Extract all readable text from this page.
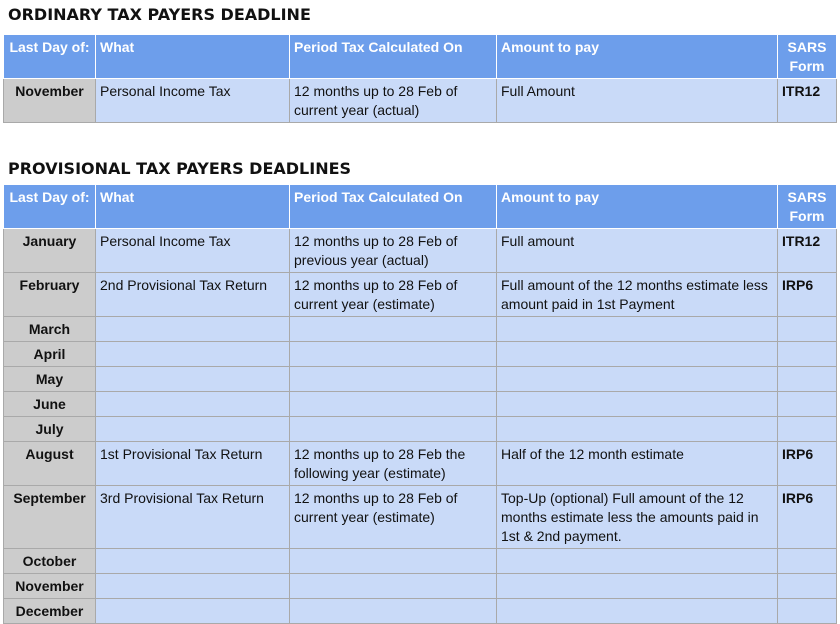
ORDINARY TAX PAYERS DEADLINE
Last Day of:	What	Period Tax Calculated On	Amount to pay	SARS Form
November	Personal Income Tax	12 months up to 28 Feb of current year (actual)	Full Amount	ITR12
PROVISIONAL TAX PAYERS DEADLINES
Last Day of:	What	Period Tax Calculated On	Amount to pay	SARS Form
January	Personal Income Tax	12 months up to 28 Feb of previous year (actual)	Full amount	ITR12
February	2nd Provisional Tax Return	12 months up to 28 Feb of current year (estimate)	Full amount of the 12 months estimate less amount paid in 1st Payment	IRP6
March				
April				
May				
June				
July				
August	1st Provisional Tax Return	12 months up to 28 Feb the following year (estimate)	Half of the 12 month estimate	IRP6
September	3rd Provisional Tax Return	12 months up to 28 Feb of current year (estimate)	Top-Up (optional) Full amount of the 12 months estimate less the amounts paid in 1st & 2nd payment.	IRP6
October				
November				
December				
